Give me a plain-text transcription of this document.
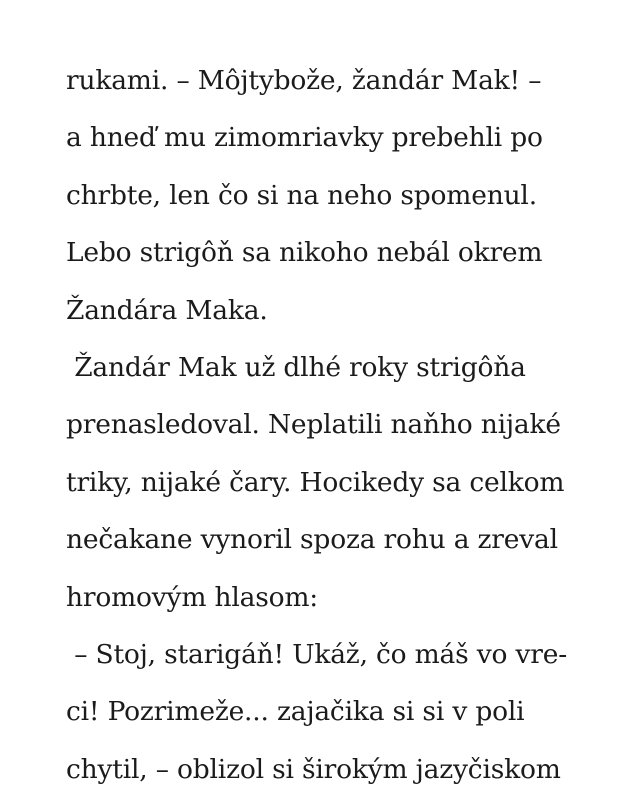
rukami. – Môjtybože, žandár Mak! –
a hneď mu zimomriavky prebehli po
chrbte, len čo si na neho spomenul.
Lebo strigôň sa nikoho nebál okrem
Žandára Maka.
Žandár Mak už dlhé roky strigôňa
prenasledoval. Neplatili naňho nijaké
triky, nijaké čary. Hocikedy sa celkom
nečakane vynoril spoza rohu a zreval
hromovým hlasom:
– Stoj, starigáň! Ukáž, čo máš vo vre-
ci! Pozrimeže... zajačika si si v poli
chytil, – oblizol si širokým jazyčiskom
